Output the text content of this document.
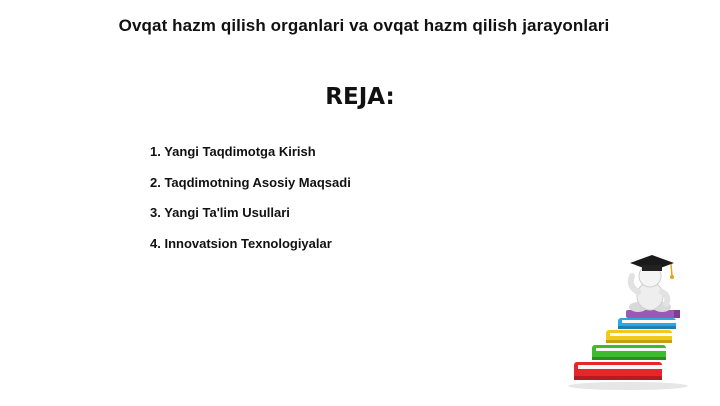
Ovqat hazm qilish organlari va ovqat hazm qilish jarayonlari
REJA:
1. Yangi Taqdimotga Kirish
2. Taqdimotning Asosiy Maqsadi
3. Yangi Ta'lim Usullari
4. Innovatsion Texnologiyalar
